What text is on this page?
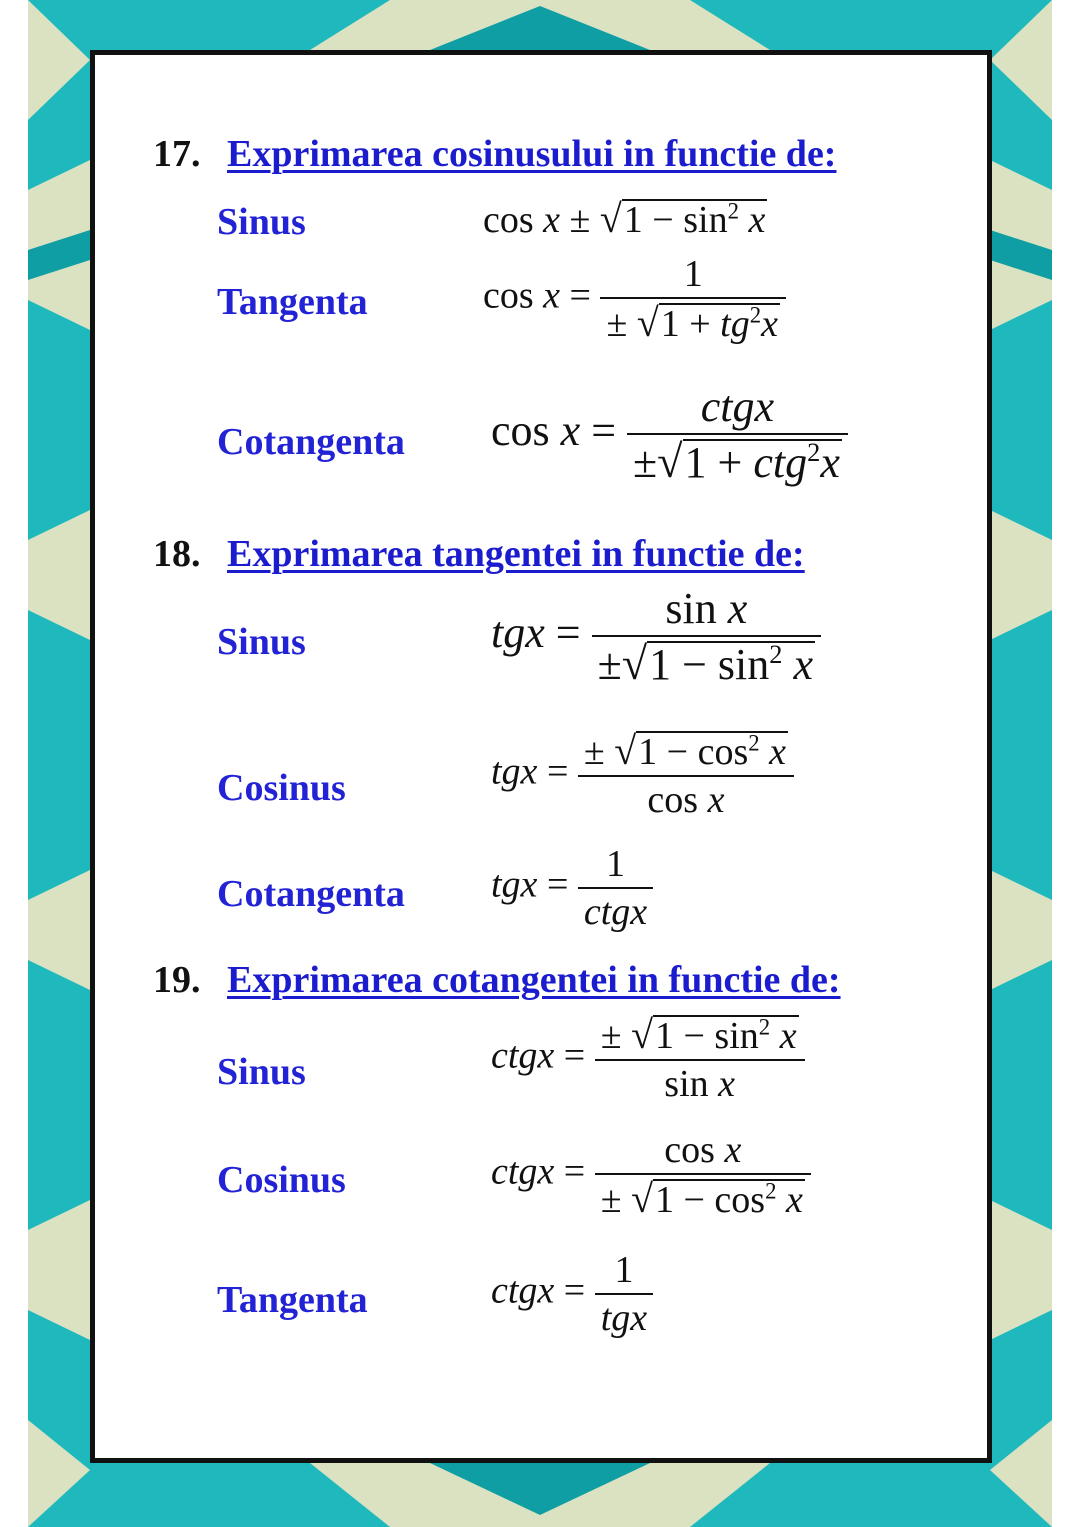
17. Exprimarea cosinusului in functie de:
Sinus	$\cos x \pm √1 - \sin^2 x$
Tangenta	$\cos x = \frac{1}{\pm √1 + tg^2x}$
Cotangenta $\cos x = \frac{\text{ctgx}}{\pm√1 + ctg^2x}$
18. Exprimarea tangentei in functie de:
Sinus	tgx = $\frac{\text{sin x}}{\pm√1 - \sin^2 x}$
Cosinus	tgx = $\frac{\pm √1 - \cos^2 x}{\text{cos x}}$
Cotangenta tgx = $\frac{1}{\text{ctgx}}$
19. Exprimarea cotangentei in functie de:
Sinus	ctgx = $\frac{\pm √1 - \sin^2 x}{\text{sin x}}$
Cosinus	ctgx = $\frac{\text{cos x}}{\pm √1 - \cos^2 x}$
Tangenta	ctgx = $\frac{1}{\text{tgx}}$
